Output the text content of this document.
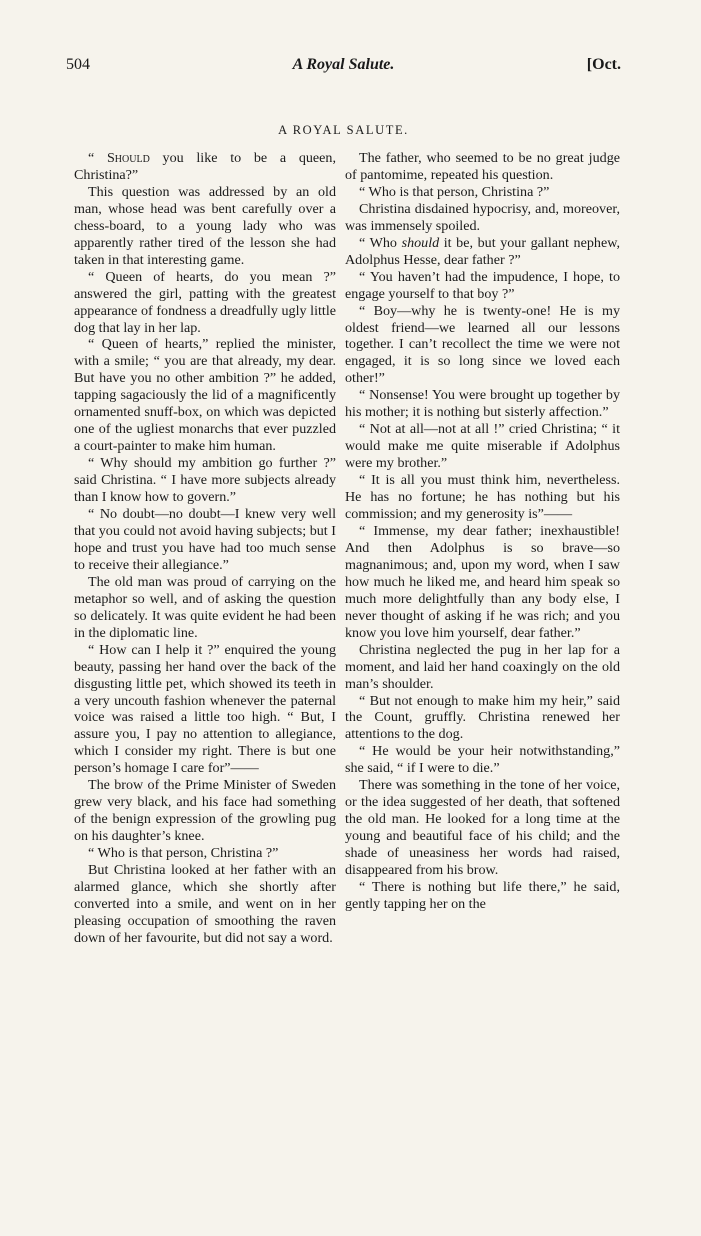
504	A Royal Salute.	[Oct.
A ROYAL SALUTE.

“ Should you like to be a queen, Christina?”

This question was addressed by an old man, whose head was bent carefully over a chess-board, to a young lady who was apparently rather tired of the lesson she had taken in that interesting game.

“ Queen of hearts, do you mean ?” answered the girl, patting with the greatest appearance of fondness a dreadfully ugly little dog that lay in her lap.

“ Queen of hearts,” replied the minister, with a smile; “ you are that already, my dear. But have you no other ambition ?” he added, tapping sagaciously the lid of a magnificently ornamented snuff-box, on which was depicted one of the ugliest monarchs that ever puzzled a court-painter to make him human.

“ Why should my ambition go further ?” said Christina. “ I have more subjects already than I know how to govern.”

“ No doubt—no doubt—I knew very well that you could not avoid having subjects; but I hope and trust you have had too much sense to receive their allegiance.”

The old man was proud of carrying on the metaphor so well, and of asking the question so delicately. It was quite evident he had been in the diplomatic line.

“ How can I help it ?” enquired the young beauty, passing her hand over the back of the disgusting little pet, which showed its teeth in a very uncouth fashion whenever the paternal voice was raised a little too high. “ But, I assure you, I pay no attention to allegiance, which I consider my right. There is but one person’s homage I care for”——

The brow of the Prime Minister of Sweden grew very black, and his face had something of the benign expression of the growling pug on his daughter’s knee.

“ Who is that person, Christina ?”

But Christina looked at her father with an alarmed glance, which she shortly after converted into a smile, and went on in her pleasing occupation of smoothing the raven down of her favourite, but did not say a word.

The father, who seemed to be no great judge of pantomime, repeated his question.

“ Who is that person, Christina ?”

Christina disdained hypocrisy, and, moreover, was immensely spoiled.

“ Who should it be, but your gallant nephew, Adolphus Hesse, dear father ?”

“ You haven’t had the impudence, I hope, to engage yourself to that boy ?”

“ Boy—why he is twenty-one! He is my oldest friend—we learned all our lessons together. I can’t recollect the time we were not engaged, it is so long since we loved each other!”

“ Nonsense! You were brought up together by his mother; it is nothing but sisterly affection.”

“ Not at all—not at all !” cried Christina; “ it would make me quite miserable if Adolphus were my brother.”

“ It is all you must think him, nevertheless. He has no fortune; he has nothing but his commission; and my generosity is”——

“ Immense, my dear father; inexhaustible! And then Adolphus is so brave—so magnanimous; and, upon my word, when I saw how much he liked me, and heard him speak so much more delightfully than any body else, I never thought of asking if he was rich; and you know you love him yourself, dear father.”

Christina neglected the pug in her lap for a moment, and laid her hand coaxingly on the old man’s shoulder.

“ But not enough to make him my heir,” said the Count, gruffly. Christina renewed her attentions to the dog.

“ He would be your heir notwithstanding,” she said, “ if I were to die.”

There was something in the tone of her voice, or the idea suggested of her death, that softened the old man. He looked for a long time at the young and beautiful face of his child; and the shade of uneasiness her words had raised, disappeared from his brow.

“ There is nothing but life there,” he said, gently tapping her on the
